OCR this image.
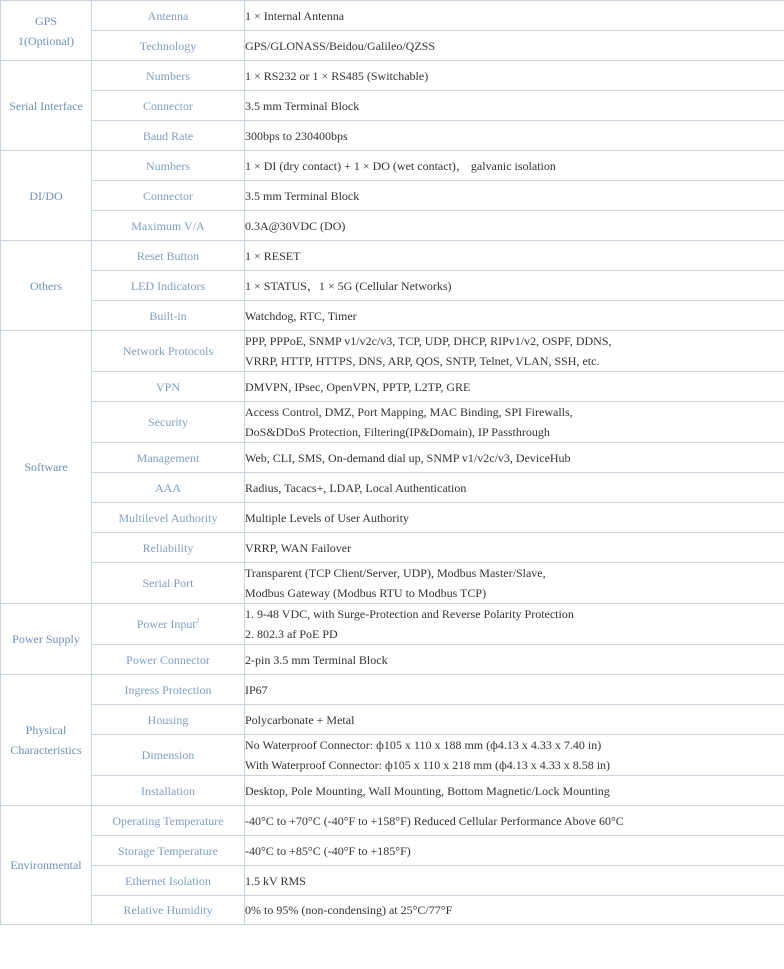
GPS
1(Optional)	Antenna	1 × Internal Antenna

	Technology	GPS/GLONASS/Beidou/Galileo/QZSS

Serial Interface	Numbers	1 × RS232 or 1 × RS485 (Switchable)

	Connector	3.5 mm Terminal Block

	Baud Rate	300bps to 230400bps

DI/DO	Numbers	1 × DI (dry contact) + 1 × DO (wet contact)， galvanic isolation

	Connector	3.5 mm Terminal Block

	Maximum V/A	0.3A@30VDC (DO)

Others	Reset Button	1 × RESET

	LED Indicators	1 × STATUS，1 × 5G (Cellular Networks)

	Built-in	Watchdog, RTC, Timer

Software	Network Protocols	PPP, PPPoE, SNMP v1/v2c/v3, TCP, UDP, DHCP, RIPv1/v2, OSPF, DDNS,
VRRP, HTTP, HTTPS, DNS, ARP, QOS, SNTP, Telnet, VLAN, SSH, etc.

	VPN	DMVPN, IPsec, OpenVPN, PPTP, L2TP, GRE

	Security	Access Control, DMZ, Port Mapping, MAC Binding, SPI Firewalls,
DoS&DDoS Protection, Filtering(IP&Domain), IP Passthrough

	Management	Web, CLI, SMS, On-demand dial up, SNMP v1/v2c/v3, DeviceHub

	AAA	Radius, Tacacs+, LDAP, Local Authentication

	Multilevel Authority	Multiple Levels of User Authority

	Reliability	VRRP, WAN Failover

	Serial Port	Transparent (TCP Client/Server, UDP), Modbus Master/Slave,
Modbus Gateway (Modbus RTU to Modbus TCP)

Power Supply	Power Input$^2$	1. 9-48 VDC, with Surge-Protection and Reverse Polarity Protection
2. 802.3 af PoE PD

	Power Connector	2-pin 3.5 mm Terminal Block

Physical
Characteristics	Ingress Protection	IP67

	Housing	Polycarbonate + Metal

	Dimension	No Waterproof Connector: ф105 x 110 x 188 mm (ф4.13 x 4.33 x 7.40 in)
With Waterproof Connector: ф105 x 110 x 218 mm (ф4.13 x 4.33 x 8.58 in)

	Installation	Desktop, Pole Mounting, Wall Mounting, Bottom Magnetic/Lock Mounting

Environmental	Operating Temperature	-40°C to +70°C (-40°F to +158°F) Reduced Cellular Performance Above 60°C

	Storage Temperature	-40°C to +85°C (-40°F to +185°F)

	Ethernet Isolation	1.5 kV RMS

	Relative Humidity	0% to 95% (non-condensing) at 25°C/77°F
